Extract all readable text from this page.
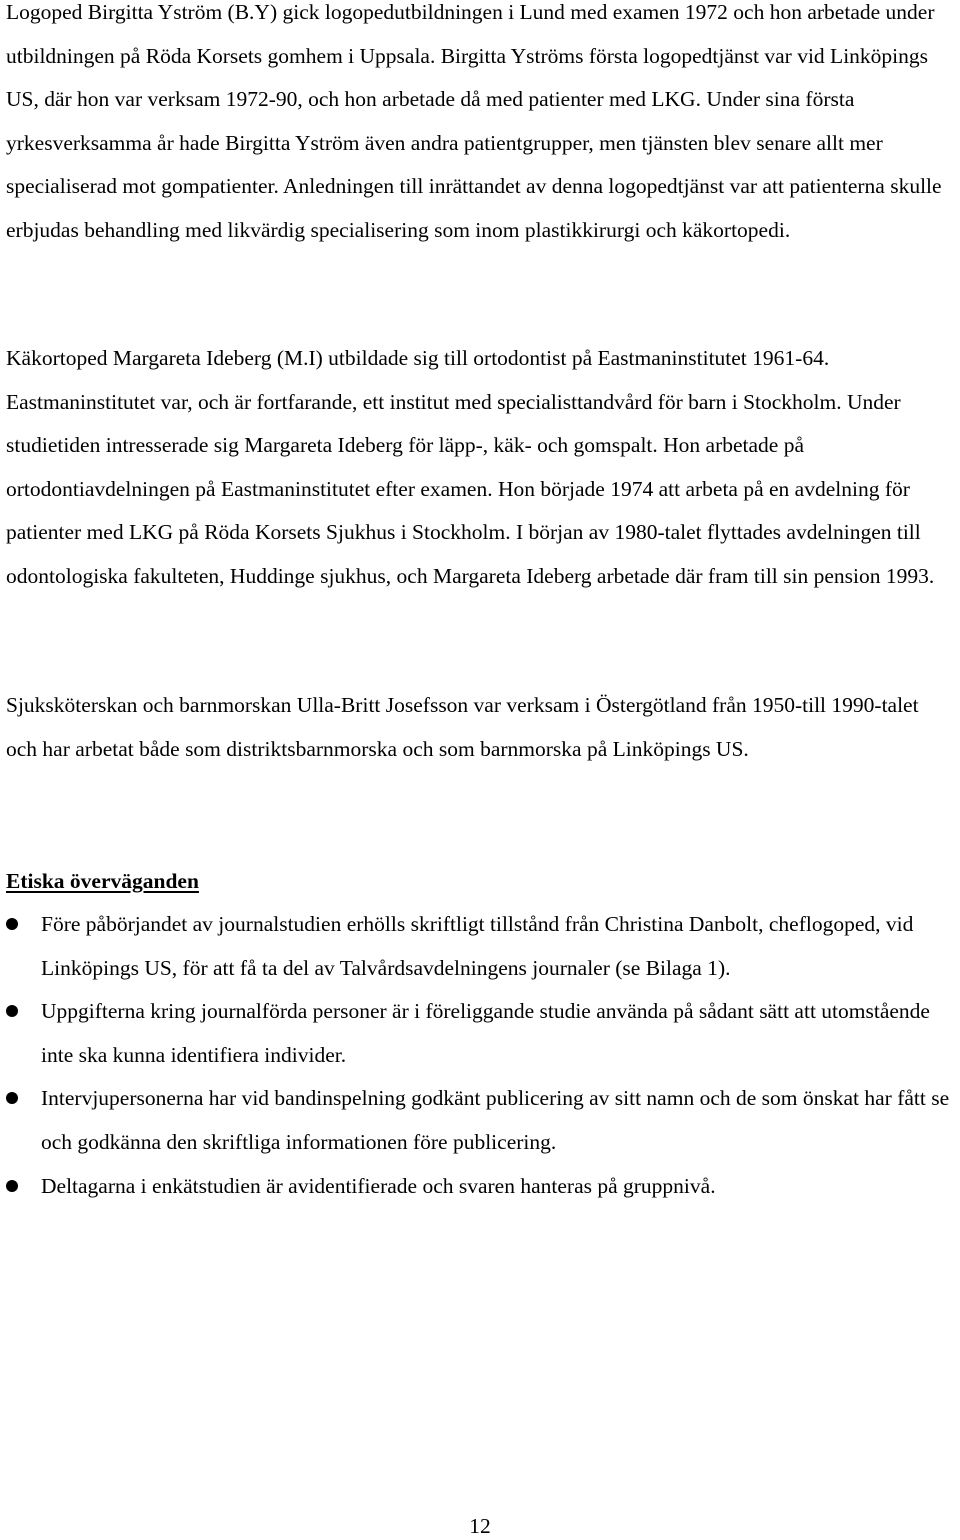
Logoped Birgitta Yström (B.Y) gick logopedutbildningen i Lund med examen 1972 och hon arbetade under utbildningen på Röda Korsets gomhem i Uppsala. Birgitta Yströms första logopedtjänst var vid Linköpings US, där hon var verksam 1972-90, och hon arbetade då med patienter med LKG. Under sina första yrkesverksamma år hade Birgitta Yström även andra patientgrupper, men tjänsten blev senare allt mer specialiserad mot gompatienter. Anledningen till inrättandet av denna logopedtjänst var att patienterna skulle erbjudas behandling med likvärdig specialisering som inom plastikkirurgi och käkortopedi.

Käkortoped Margareta Ideberg (M.I) utbildade sig till ortodontist på Eastmaninstitutet 1961-64. Eastmaninstitutet var, och är fortfarande, ett institut med specialisttandvård för barn i Stockholm. Under studietiden intresserade sig Margareta Ideberg för läpp-, käk- och gomspalt. Hon arbetade på ortodontiavdelningen på Eastmaninstitutet efter examen. Hon började 1974 att arbeta på en avdelning för patienter med LKG på Röda Korsets Sjukhus i Stockholm. I början av 1980-talet flyttades avdelningen till odontologiska fakulteten, Huddinge sjukhus, och Margareta Ideberg arbetade där fram till sin pension 1993.

Sjuksköterskan och barnmorskan Ulla-Britt Josefsson var verksam i Östergötland från 1950-till 1990-talet och har arbetat både som distriktsbarnmorska och som barnmorska på Linköpings US.

Etiska överväganden
Före påbörjandet av journalstudien erhölls skriftligt tillstånd från Christina Danbolt, cheflogoped, vid Linköpings US, för att få ta del av Talvårdsavdelningens journaler (se Bilaga 1).
Uppgifterna kring journalförda personer är i föreliggande studie använda på sådant sätt att utomstående inte ska kunna identifiera individer.
Intervjupersonerna har vid bandinspelning godkänt publicering av sitt namn och de som önskat har fått se och godkänna den skriftliga informationen före publicering.
Deltagarna i enkätstudien är avidentifierade och svaren hanteras på gruppnivå.
12
